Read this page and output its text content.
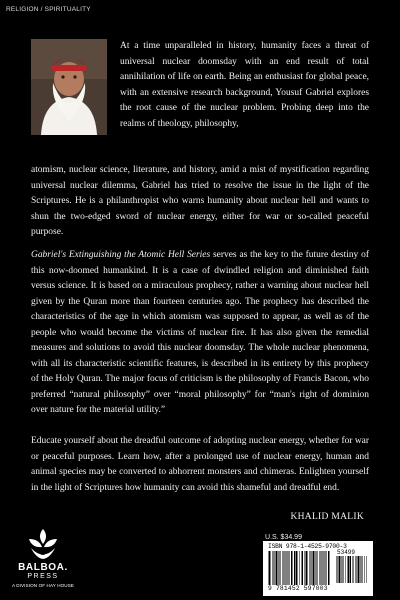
RELIGION / SPIRITUALITY
At a time unparalleled in history, humanity faces a threat of universal nuclear doomsday with an end result of total annihilation of life on earth. Being an enthusiast for global peace, with an extensive research background, Yousuf Gabriel explores the root cause of the nuclear problem. Probing deep into the realms of theology, philosophy,
atomism, nuclear science, literature, and history, amid a mist of mystification regarding universal nuclear dilemma, Gabriel has tried to resolve the issue in the light of the Scriptures. He is a philanthropist who warns humanity about nuclear hell and wants to shun the two-edged sword of nuclear energy, either for war or so-called peaceful purpose.
Gabriel's Extinguishing the Atomic Hell Series serves as the key to the future destiny of this now-doomed humankind. It is a case of dwindled religion and diminished faith versus science. It is based on a miraculous prophecy, rather a warning about nuclear hell given by the Quran more than fourteen centuries ago. The prophecy has described the characteristics of the age in which atomism was supposed to appear, as well as of the people who would become the victims of nuclear fire. It has also given the remedial measures and solutions to avoid this nuclear doomsday. The whole nuclear phenomena, with all its characteristic scientific features, is described in its entirety by this prophecy of the Holy Quran. The major focus of criticism is the philosophy of Francis Bacon, who preferred “natural philosophy” over “moral philosophy” for “man's right of dominion over nature for the material utility.”
Educate yourself about the dreadful outcome of adopting nuclear energy, whether for war or peaceful purposes. Learn how, after a prolonged use of nuclear energy, human and animal species may be converted to abhorrent monsters and chimeras. Enlighten yourself in the light of Scriptures how humanity can avoid this shameful and dreadful end.
KHALID MALIK
b
BALBOA.
PRESS
A DIVISION OF HAY HOUSE
U.S. $34.99
ISBN 978-1-4525-9700-3
53499
9 781452 597003
